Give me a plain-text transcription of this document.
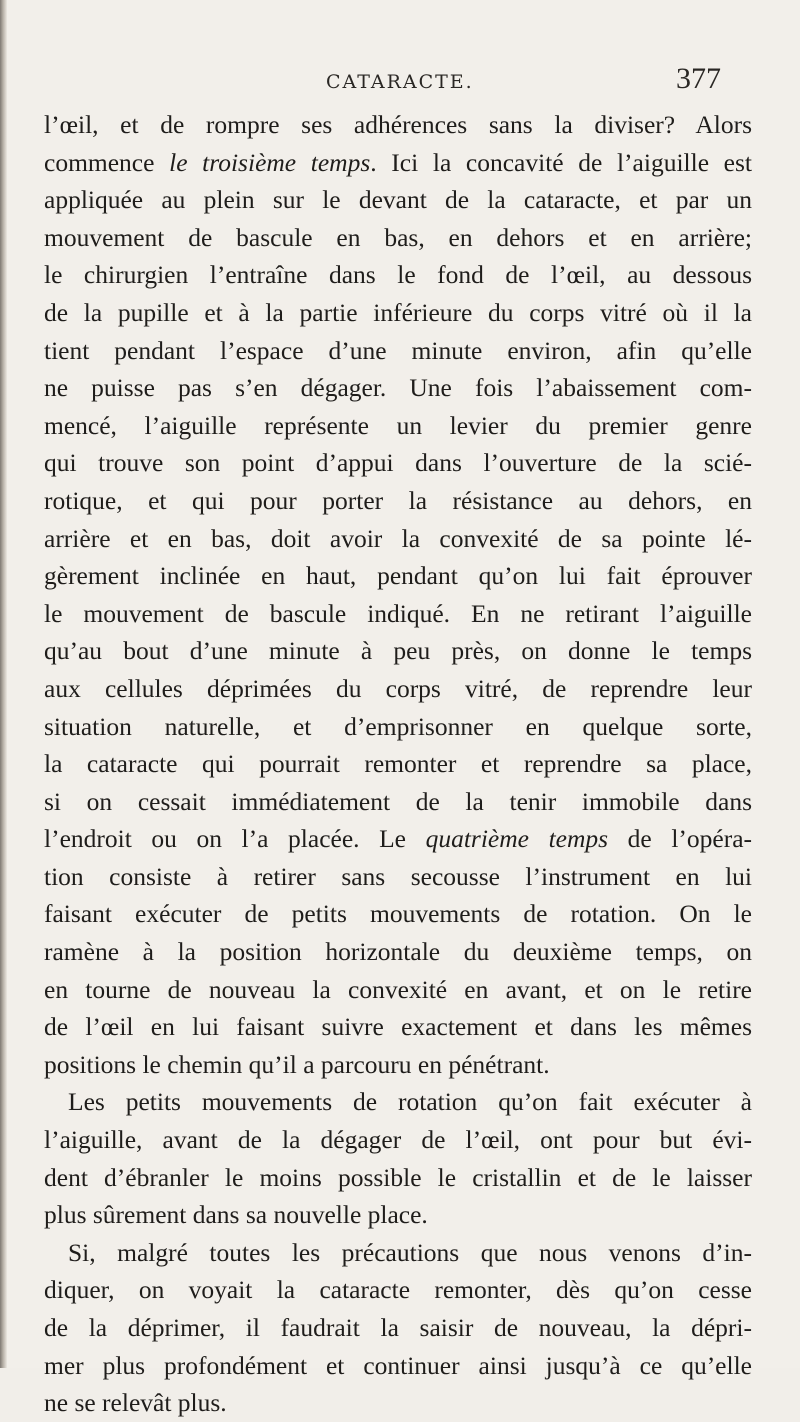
CATARACTE.	377
l’œil, et de rompre ses adhérences sans la diviser? Alors
commence le troisième temps. Ici la concavité de l’aiguille est
appliquée au plein sur le devant de la cataracte, et par un
mouvement de bascule en bas, en dehors et en arrière;
le chirurgien l’entraîne dans le fond de l’œil, au dessous
de la pupille et à la partie inférieure du corps vitré où il la
tient pendant l’espace d’une minute environ, afin qu’elle
ne puisse pas s’en dégager. Une fois l’abaissement com-
mencé, l’aiguille représente un levier du premier genre
qui trouve son point d’appui dans l’ouverture de la scié-
rotique, et qui pour porter la résistance au dehors, en
arrière et en bas, doit avoir la convexité de sa pointe lé-
gèrement inclinée en haut, pendant qu’on lui fait éprouver
le mouvement de bascule indiqué. En ne retirant l’aiguille
qu’au bout d’une minute à peu près, on donne le temps
aux cellules déprimées du corps vitré, de reprendre leur
situation naturelle, et d’emprisonner en quelque sorte,
la cataracte qui pourrait remonter et reprendre sa place,
si on cessait immédiatement de la tenir immobile dans
l’endroit ou on l’a placée. Le quatrième temps de l’opéra-
tion consiste à retirer sans secousse l’instrument en lui
faisant exécuter de petits mouvements de rotation. On le
ramène à la position horizontale du deuxième temps, on
en tourne de nouveau la convexité en avant, et on le retire
de l’œil en lui faisant suivre exactement et dans les mêmes
positions le chemin qu’il a parcouru en pénétrant.
Les petits mouvements de rotation qu’on fait exécuter à
l’aiguille, avant de la dégager de l’œil, ont pour but évi-
dent d’ébranler le moins possible le cristallin et de le laisser
plus sûrement dans sa nouvelle place.
Si, malgré toutes les précautions que nous venons d’in-
diquer, on voyait la cataracte remonter, dès qu’on cesse
de la déprimer, il faudrait la saisir de nouveau, la dépri-
mer plus profondément et continuer ainsi jusqu’à ce qu’elle
ne se relevât plus.
